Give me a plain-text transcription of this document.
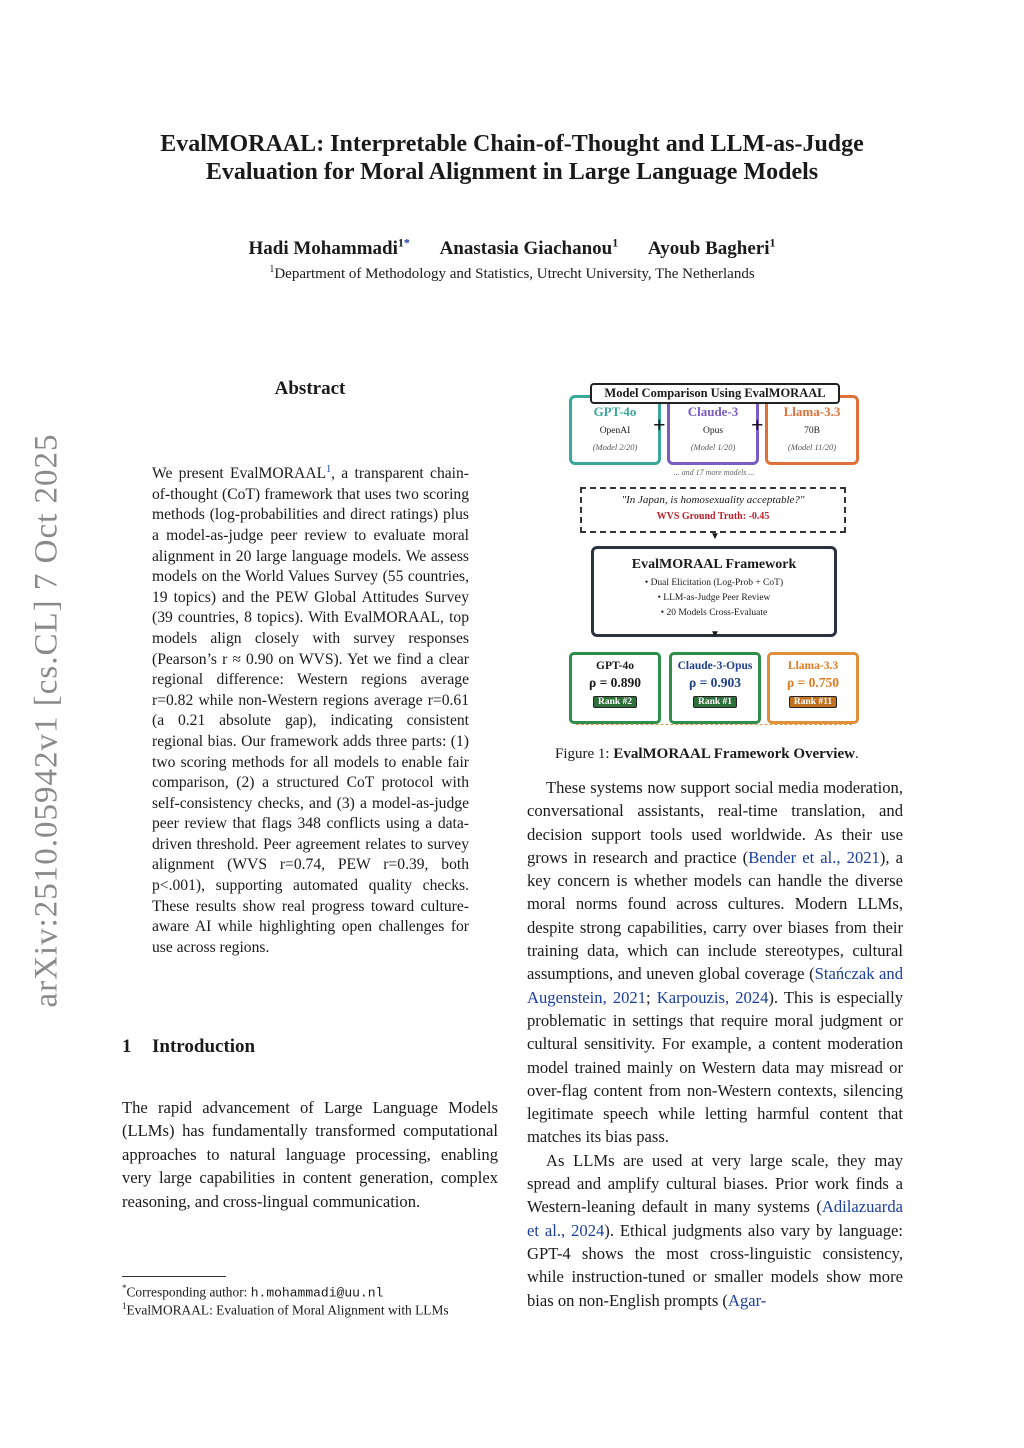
arXiv:2510.05942v1 [cs.CL] 7 Oct 2025
EvalMORAAL: Interpretable Chain-of-Thought and LLM-as-Judge
Evaluation for Moral Alignment in Large Language Models
Hadi Mohammadi$^{1*}$ Anastasia Giachanou$^1$ Ayoub Bagheri$^1$
$^1$Department of Methodology and Statistics, Utrecht University, The Netherlands
Abstract
We present EvalMORAAL$^1$, a transparent chain-of-thought (CoT) framework that uses two scoring methods (log-probabilities and direct ratings) plus a model-as-judge peer review to evaluate moral alignment in 20 large language models. We assess models on the World Values Survey (55 countries, 19 topics) and the PEW Global Attitudes Survey (39 countries, 8 topics). With EvalMORAAL, top models align closely with survey responses (Pearson’s r ≈ 0.90 on WVS). Yet we find a clear regional difference: Western regions average r=0.82 while non-Western regions average r=0.61 (a 0.21 absolute gap), indicating consistent regional bias. Our framework adds three parts: (1) two scoring methods for all models to enable fair comparison, (2) a structured CoT protocol with self-consistency checks, and (3) a model-as-judge peer review that flags 348 conflicts using a data-driven threshold. Peer agreement relates to survey alignment (WVS r=0.74, PEW r=0.39, both p<.001), supporting automated quality checks. These results show real progress toward culture-aware AI while highlighting open challenges for use across regions.
1 Introduction
The rapid advancement of Large Language Models (LLMs) has fundamentally transformed computational approaches to natural language processing, enabling very large capabilities in content generation, complex reasoning, and cross-lingual communication.
*Corresponding author: h.mohammadi@uu.nl
$^1$EvalMORAAL: Evaluation of Moral Alignment with LLMs
GPT-4o
OpenAI
(Model 2/20)
Claude-3
Opus
(Model 1/20)
Llama-3.3
70B
(Model 11/20)
Model Comparison Using EvalMORAAL
+	+
... and 17 more models ...
"In Japan, is homosexuality acceptable?"
WVS Ground Truth: -0.45
▼
EvalMORAAL Framework
• Dual Elicitation (Log-Prob + CoT)
• LLM-as-Judge Peer Review
• 20 Models Cross-Evaluate
▼
GPT-4o
ρ = 0.890
Rank #2
Claude-3-Opus
ρ = 0.903
Rank #1
Llama-3.3
ρ = 0.750
Rank #11
Figure 1: EvalMORAAL Framework Overview.

These systems now support social media moderation, conversational assistants, real-time translation, and decision support tools used worldwide. As their use grows in research and practice (Bender et al., 2021), a key concern is whether models can handle the diverse moral norms found across cultures. Modern LLMs, despite strong capabilities, carry over biases from their training data, which can include stereotypes, cultural assumptions, and uneven global coverage (Stańczak and Augenstein, 2021; Karpouzis, 2024). This is especially problematic in settings that require moral judgment or cultural sensitivity. For example, a content moderation model trained mainly on Western data may misread or over-flag content from non-Western contexts, silencing legitimate speech while letting harmful content that matches its bias pass.

As LLMs are used at very large scale, they may spread and amplify cultural biases. Prior work finds a Western-leaning default in many systems (Adilazuarda et al., 2024). Ethical judgments also vary by language: GPT-4 shows the most cross-linguistic consistency, while instruction-tuned or smaller models show more bias on non-English prompts (Agar-
